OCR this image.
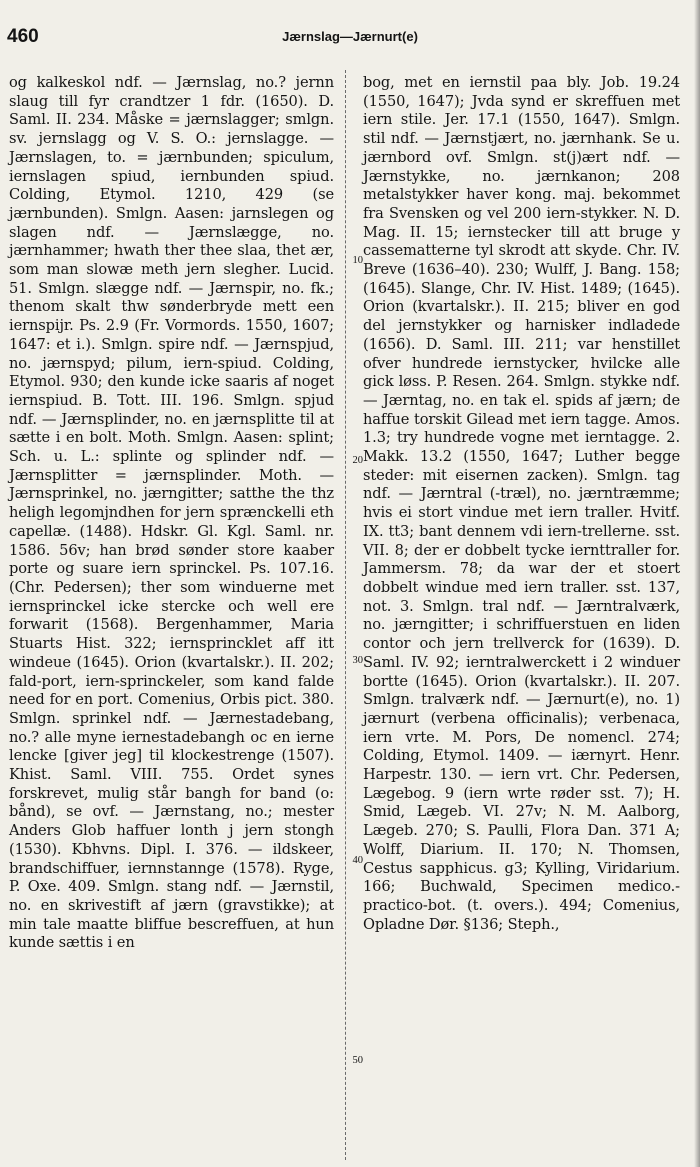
460	Jærnslag—Jærnurt(e)
og kalkeskol ndf. — Jærnslag, no.? jernn slaug till fyr crandtzer 1 fdr. (1650). D. Saml. II. 234. Måske = jærnslagger; smlgn. sv. jernslagg og V. S. O.: jernslagge. — Jærnslagen, to. = jærnbunden; spiculum, iernslagen spiud, iernbunden spiud. Colding, Etymol. 1210, 429 (se jærnbunden). Smlgn. Aasen: jarnslegen og slagen ndf. — Jærnslægge, no. jærnhammer; hwath ther thee slaa, thet ær, som man slowæ meth jern slegher. Lucid. 51. Smlgn. slægge ndf. — Jærnspir, no. fk.; thenom skalt thw sønderbryde mett een iernspijr. Ps. 2.9 (Fr. Vormords. 1550, 1607; 1647: et i.). Smlgn. spire ndf. — Jærnspjud, no. jærnspyd; pilum, iern-spiud. Colding, Etymol. 930; den kunde icke saaris af noget iernspiud. B. Tott. III. 196. Smlgn. spjud ndf. — Jærnsplinder, no. en jærnsplitte til at sætte i en bolt. Moth. Smlgn. Aasen: splint; Sch. u. L.: splinte og splinder ndf. — Jærnsplitter = jærnsplinder. Moth. — Jærnsprinkel, no. jærngitter; satthe the thz heligh legomjndhen for jern sprænckelli eth capellæ. (1488). Hdskr. Gl. Kgl. Saml. nr. 1586. 56v; han brød sønder store kaaber porte og suare iern sprinckel. Ps. 107.16. (Chr. Pedersen); ther som winduerne met iernsprinckel icke stercke och well ere forwarit (1568). Bergenhammer, Maria Stuarts Hist. 322; iernsprincklet aff itt windeue (1645). Orion (kvartalskr.). II. 202; fald-port, iern-sprinckeler, som kand falde need for en port. Comenius, Orbis pict. 380. Smlgn. sprinkel ndf. — Jærnestadebang, no.? alle myne iernestadebangh oc en ierne lencke [giver jeg] til klockestrenge (1507). Khist. Saml. VIII. 755. Ordet synes forskrevet, mulig står bangh for band (o: bånd), se ovf. — Jærnstang, no.; mester Anders Glob haffuer lonth j jern stongh (1530). Kbhvns. Dipl. I. 376. — ildskeer, brandschiffuer, iernnstannge (1578). Ryge, P. Oxe. 409. Smlgn. stang ndf. — Jærnstil, no. en skrivestift af jærn (gravstikke); at min tale maatte bliffue bescreffuen, at hun kunde sættis i en
bog, met en iernstil paa bly. Job. 19.24 (1550, 1647); Jvda synd er skreffuen met iern stile. Jer. 17.1 (1550, 1647). Smlgn. stil ndf. — Jærnstjært, no. jærnhank. Se u. jærnbord ovf. Smlgn. st(j)ært ndf. — Jærnstykke, no. jærnkanon; 208 metalstykker haver kong. maj. bekommet fra Svensken og vel 200 iern-stykker. N. D. Mag. II. 15; iernstecker till att bruge y cassematterne tyl skrodt att skyde. Chr. IV. Breve (1636–40). 230; Wulff, J. Bang. 158; (1645). Slange, Chr. IV. Hist. 1489; (1645). Orion (kvartalskr.). II. 215; bliver en god del jernstykker og harnisker indladede (1656). D. Saml. III. 211; var henstillet ofver hundrede iernstycker, hvilcke alle gick løss. P. Resen. 264. Smlgn. stykke ndf. — Jærntag, no. en tak el. spids af jærn; de haffue torskit Gilead met iern tagge. Amos. 1.3; try hundrede vogne met ierntagge. 2. Makk. 13.2 (1550, 1647; Luther begge steder: mit eisernen zacken). Smlgn. tag ndf. — Jærntral (-træl), no. jærntræmme; hvis ei stort vindue met iern traller. Hvitf. IX. tt3; bant dennem vdi iern-trellerne. sst. VII. 8; der er dobbelt tycke iernttraller for. Jammersm. 78; da war der et stoert dobbelt windue med iern traller. sst. 137, not. 3. Smlgn. tral ndf. — Jærntralværk, no. jærngitter; i schriffuerstuen en liden contor och jern trellverck for (1639). D. Saml. IV. 92; ierntralwerckett i 2 winduer bortte (1645). Orion (kvartalskr.). II. 207. Smlgn. tralværk ndf. — Jærnurt(e), no. 1) jærnurt (verbena officinalis); verbenaca, iern vrte. M. Pors, De nomencl. 274; Colding, Etymol. 1409. — iærnyrt. Henr. Harpestr. 130. — iern vrt. Chr. Pedersen, Lægebog. 9 (iern wrte røder sst. 7); H. Smid, Lægeb. VI. 27v; N. M. Aalborg, Lægeb. 270; S. Paulli, Flora Dan. 371 A; Wolff, Diarium. II. 170; N. Thomsen, Cestus sapphicus. g3; Kylling, Viridarium. 166; Buchwald, Specimen medico.-practico-bot. (t. overs.). 494; Comenius, Opladne Dør. §136; Steph.,
10
20
30
40
50
